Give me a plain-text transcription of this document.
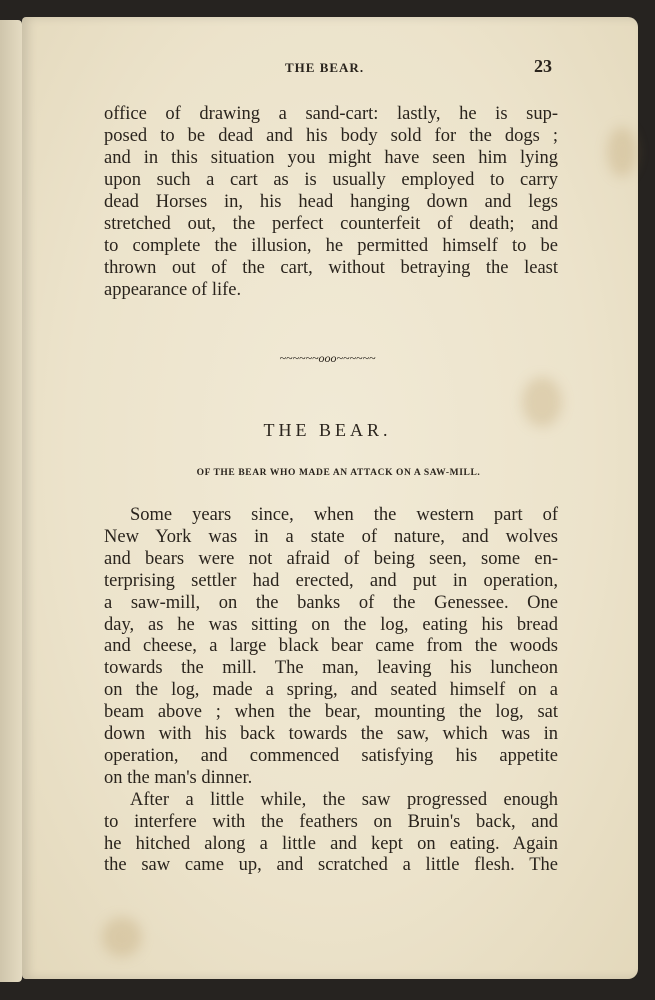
THE BEAR.	23
office of drawing a sand-cart: lastly, he is sup-
posed to be dead and his body sold for the dogs ;
and in this situation you might have seen him lying
upon such a cart as is usually employed to carry
dead Horses in, his head hanging down and legs
stretched out, the perfect counterfeit of death; and
to complete the illusion, he permitted himself to be
thrown out of the cart, without betraying the least
appearance of life.
~~~~~~ooo~~~~~~
THE BEAR.
OF THE BEAR WHO MADE AN ATTACK ON A SAW-MILL.
Some years since, when the western part of
New York was in a state of nature, and wolves
and bears were not afraid of being seen, some en-
terprising settler had erected, and put in operation,
a saw-mill, on the banks of the Genessee. One
day, as he was sitting on the log, eating his bread
and cheese, a large black bear came from the woods
towards the mill. The man, leaving his luncheon
on the log, made a spring, and seated himself on a
beam above ; when the bear, mounting the log, sat
down with his back towards the saw, which was in
operation, and commenced satisfying his appetite
on the man's dinner.
After a little while, the saw progressed enough
to interfere with the feathers on Bruin's back, and
he hitched along a little and kept on eating. Again
the saw came up, and scratched a little flesh. The
